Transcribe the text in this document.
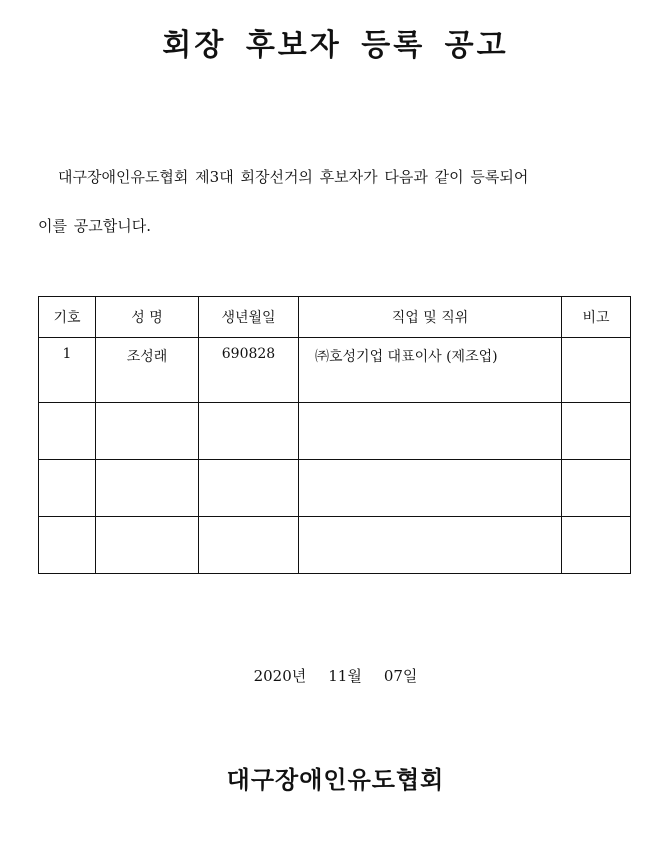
회장 후보자 등록 공고
대구장애인유도협회 제3대 회장선거의 후보자가 다음과 같이 등록되어
이를 공고합니다.
기호	성 명	생년월일	직업 및 직위	비고
1	조성래	690828	㈜호성기업 대표이사 (제조업)	

2020년 11월 07일
대구장애인유도협회
